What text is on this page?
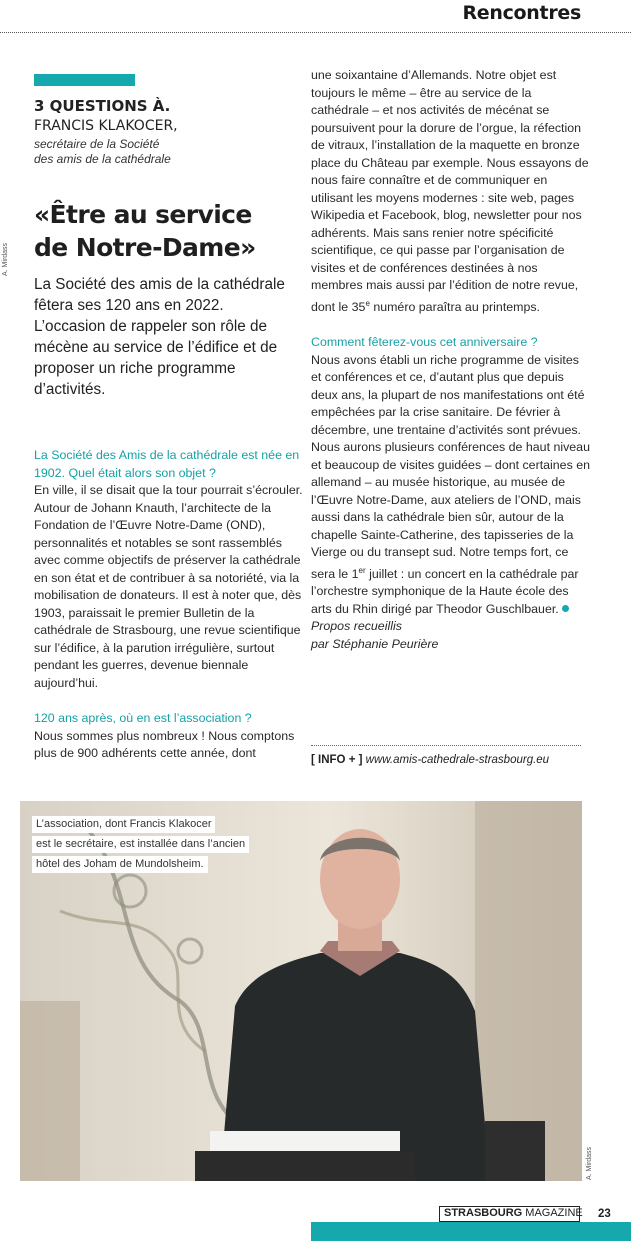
Rencontres
3 QUESTIONS À.
FRANCIS KLAKOCER,
secrétaire de la Société
des amis de la cathédrale
«Être au service
de Notre-Dame»
A. Mirdass

La Société des amis de la cathédrale fêtera ses 120 ans en 2022. L’occasion de rappeler son rôle de mécène au service de l’édifice et de proposer un riche programme d’activités.

La Société des Amis de la cathédrale est née en 1902. Quel était alors son objet ?

En ville, il se disait que la tour pourrait s’écrouler. Autour de Johann Knauth, l’architecte de la Fondation de l’Œuvre Notre-Dame (OND), personnalités et notables se sont rassemblés avec comme objectifs de préserver la cathédrale en son état et de contribuer à sa notoriété, via la mobilisation de donateurs. Il est à noter que, dès 1903, paraissait le premier Bulletin de la cathédrale de Strasbourg, une revue scientifique sur l’édifice, à la parution irrégulière, surtout pendant les guerres, devenue biennale aujourd’hui.

120 ans après, où en est l’association ?

Nous sommes plus nombreux ! Nous comptons plus de 900 adhérents cette année, dont

une soixantaine d’Allemands. Notre objet est toujours le même – être au service de la cathédrale – et nos activités de mécénat se poursuivent pour la dorure de l’orgue, la réfection de vitraux, l’installation de la maquette en bronze place du Château par exemple. Nous essayons de nous faire connaître et de communiquer en utilisant les moyens modernes : site web, pages Wikipedia et Facebook, blog, newsletter pour nos adhérents. Mais sans renier notre spécificité scientifique, ce qui passe par l’organisation de visites et de conférences destinées à nos membres mais aussi par l’édition de notre revue, dont le 35e numéro paraîtra au printemps.

Comment fêterez-vous cet anniversaire ?

Nous avons établi un riche programme de visites et conférences et ce, d’autant plus que depuis deux ans, la plupart de nos manifestations ont été empêchées par la crise sanitaire. De février à décembre, une trentaine d’activités sont prévues. Nous aurons plusieurs conférences de haut niveau et beaucoup de visites guidées – dont certaines en allemand – au musée historique, au musée de l’Œuvre Notre-Dame, aux ateliers de l’OND, mais aussi dans la cathédrale bien sûr, autour de la chapelle Sainte-Catherine, des tapisseries de la Vierge ou du transept sud. Notre temps fort, ce sera le 1er juillet : un concert en la cathédrale par l’orchestre symphonique de la Haute école des arts du Rhin dirigé par Theodor Guschlbauer.

Propos recueillis

par Stéphanie Peurière

[ INFO + ] www.amis-cathedrale-strasbourg.eu
L’association, dont Francis Klakocer
est le secrétaire, est installée dans l’ancien
hôtel des Joham de Mundolsheim.
A. Mirdass
STRASBOURG MAGAZINE 23
